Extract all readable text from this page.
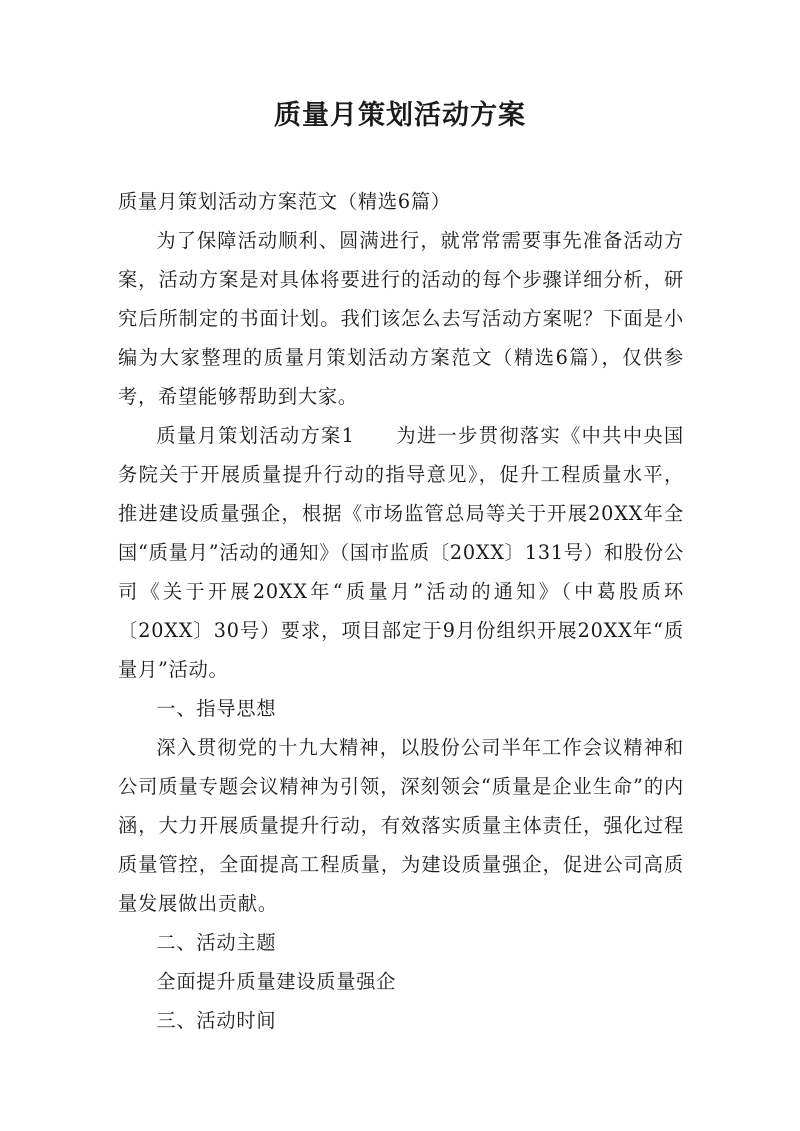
质量月策划活动方案

质量月策划活动方案范文（精选6篇）

为了保障活动顺利、圆满进行，就常常需要事先准备活动方案，活动方案是对具体将要进行的活动的每个步骤详细分析，研究后所制定的书面计划。我们该怎么去写活动方案呢？下面是小编为大家整理的质量月策划活动方案范文（精选6篇），仅供参考，希望能够帮助到大家。

质量月策划活动方案1　　为进一步贯彻落实《中共中央国务院关于开展质量提升行动的指导意见》，促升工程质量水平，推进建设质量强企，根据《市场监管总局等关于开展20XX年全国“质量月”活动的通知》（国市监质〔20XX〕131号）和股份公司《关于开展20XX年“质量月”活动的通知》（中葛股质环〔20XX〕30号）要求，项目部定于9月份组织开展20XX年“质量月”活动。

一、指导思想

深入贯彻党的十九大精神，以股份公司半年工作会议精神和公司质量专题会议精神为引领，深刻领会“质量是企业生命”的内涵，大力开展质量提升行动，有效落实质量主体责任，强化过程质量管控，全面提高工程质量，为建设质量强企，促进公司高质量发展做出贡献。

二、活动主题

全面提升质量建设质量强企

三、活动时间
